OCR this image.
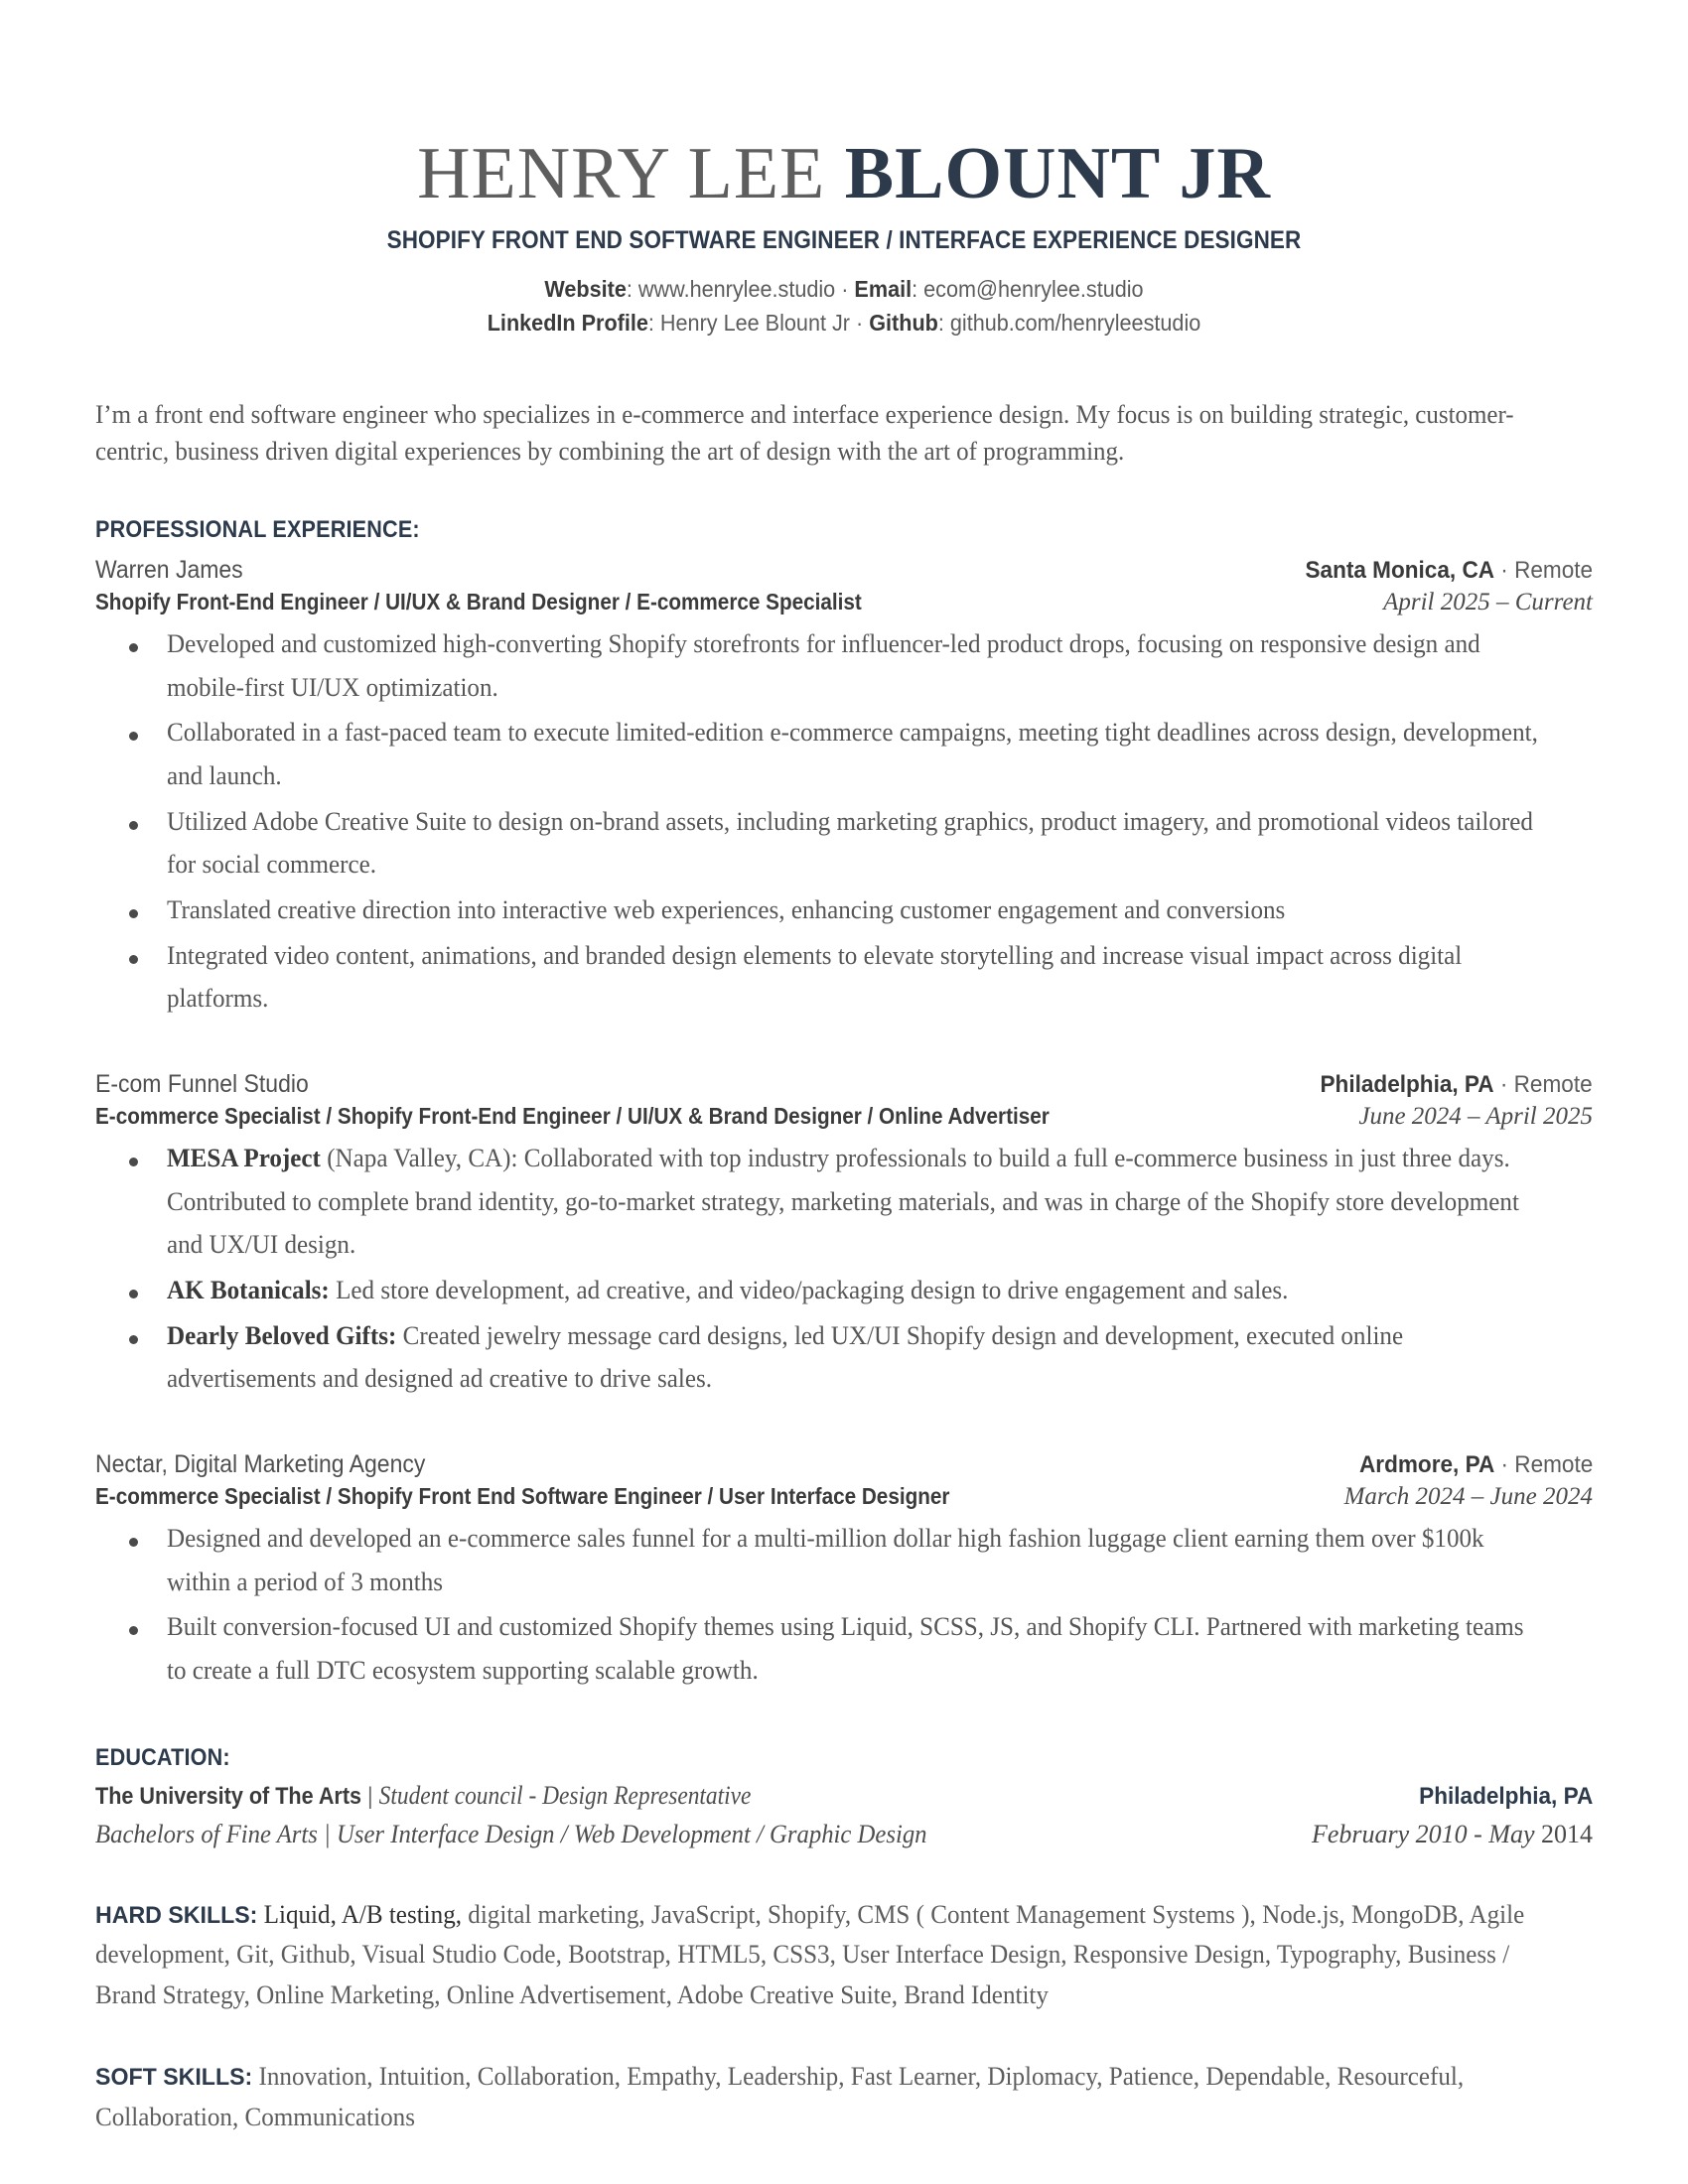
HENRY LEE BLOUNT JR
SHOPIFY FRONT END SOFTWARE ENGINEER / INTERFACE EXPERIENCE DESIGNER
Website: www.henrylee.studio · Email: ecom@henrylee.studio
LinkedIn Profile: Henry Lee Blount Jr · Github: github.com/henryleestudio
I’m a front end software engineer who specializes in e-commerce and interface experience design. My focus is on building strategic, customer-centric, business driven digital experiences by combining the art of design with the art of programming.
PROFESSIONAL EXPERIENCE:
Warren James	Santa Monica, CA · Remote
Shopify Front-End Engineer / UI/UX & Brand Designer / E-commerce Specialist	April 2025 – Current
Developed and customized high-converting Shopify storefronts for influencer-led product drops, focusing on responsive design and mobile-first UI/UX optimization.
Collaborated in a fast-paced team to execute limited-edition e-commerce campaigns, meeting tight deadlines across design, development, and launch.
Utilized Adobe Creative Suite to design on-brand assets, including marketing graphics, product imagery, and promotional videos tailored for social commerce.
Translated creative direction into interactive web experiences, enhancing customer engagement and conversions
Integrated video content, animations, and branded design elements to elevate storytelling and increase visual impact across digital platforms.
E-com Funnel Studio	Philadelphia, PA · Remote
E-commerce Specialist / Shopify Front-End Engineer / UI/UX & Brand Designer / Online Advertiser	June 2024 – April 2025
MESA Project (Napa Valley, CA): Collaborated with top industry professionals to build a full e-commerce business in just three days. Contributed to complete brand identity, go-to-market strategy, marketing materials, and was in charge of the Shopify store development and UX/UI design.
AK Botanicals: Led store development, ad creative, and video/packaging design to drive engagement and sales.
Dearly Beloved Gifts: Created jewelry message card designs, led UX/UI Shopify design and development, executed online advertisements and designed ad creative to drive sales.
Nectar, Digital Marketing Agency	Ardmore, PA · Remote
E-commerce Specialist / Shopify Front End Software Engineer / User Interface Designer	March 2024 – June 2024
Designed and developed an e-commerce sales funnel for a multi-million dollar high fashion luggage client earning them over $100k within a period of 3 months
Built conversion-focused UI and customized Shopify themes using Liquid, SCSS, JS, and Shopify CLI. Partnered with marketing teams to create a full DTC ecosystem supporting scalable growth.
EDUCATION:
The University of The Arts | Student council - Design Representative	Philadelphia, PA
Bachelors of Fine Arts | User Interface Design / Web Development / Graphic Design	February 2010 - May 2014
HARD SKILLS: Liquid, A/B testing, digital marketing, JavaScript, Shopify, CMS ( Content Management Systems ), Node.js, MongoDB, Agile development, Git, Github, Visual Studio Code, Bootstrap, HTML5, CSS3, User Interface Design, Responsive Design, Typography, Business / Brand Strategy, Online Marketing, Online Advertisement, Adobe Creative Suite, Brand Identity
SOFT SKILLS: Innovation, Intuition, Collaboration, Empathy, Leadership, Fast Learner, Diplomacy, Patience, Dependable, Resourceful, Collaboration, Communications
